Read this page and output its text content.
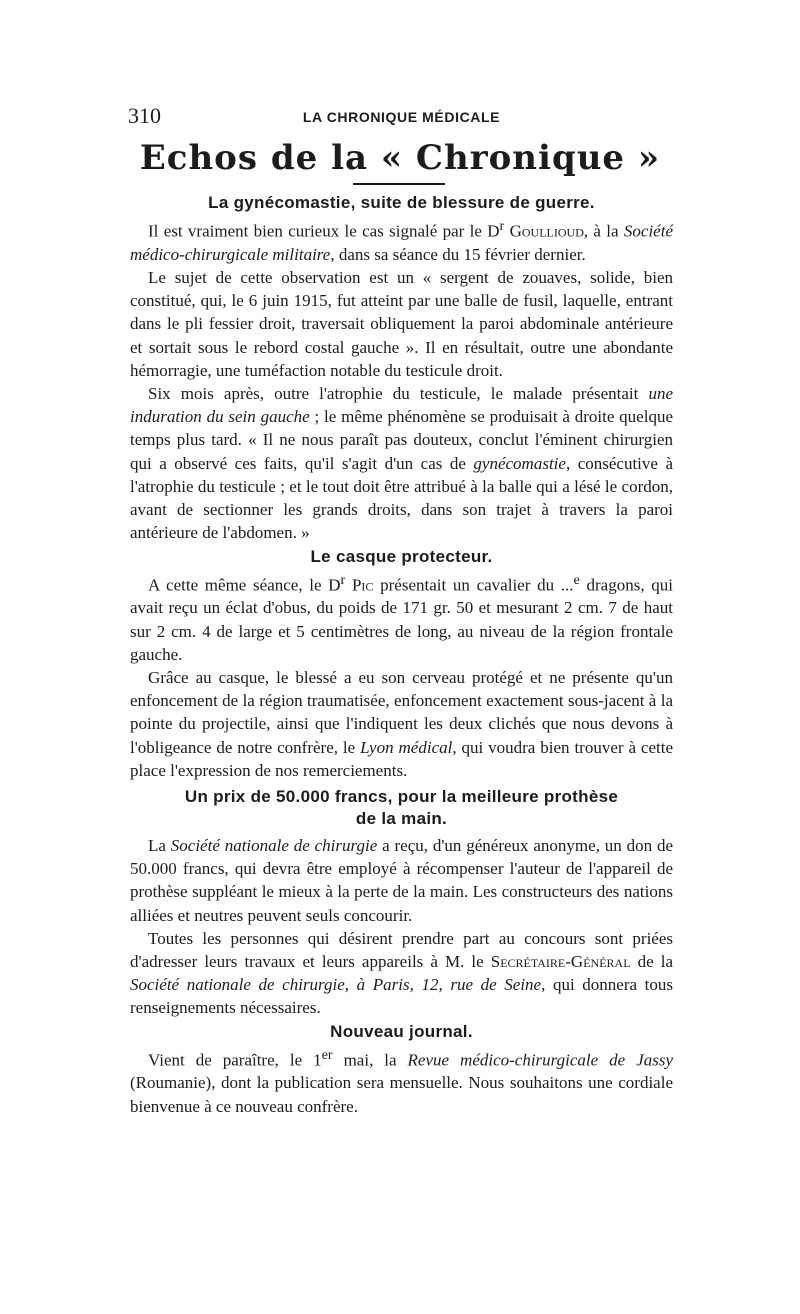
310	LA CHRONIQUE MÉDICALE
Echos de la « Chronique »
La gynécomastie, suite de blessure de guerre.

Il est vraiment bien curieux le cas signalé par le $D^r$ Goullioud, à la Société médico-chirurgicale militaire, dans sa séance du 15 février dernier.

Le sujet de cette observation est un « sergent de zouaves, solide, bien constitué, qui, le 6 juin 1915, fut atteint par une balle de fusil, laquelle, entrant dans le pli fessier droit, traversait obliquement la paroi abdominale antérieure et sortait sous le rebord costal gauche ». Il en résultait, outre une abondante hémorragie, une tuméfaction notable du testicule droit.

Six mois après, outre l'atrophie du testicule, le malade présentait une induration du sein gauche ; le même phénomène se produisait à droite quelque temps plus tard. « Il ne nous paraît pas douteux, conclut l'éminent chirurgien qui a observé ces faits, qu'il s'agit d'un cas de gynécomastie, consécutive à l'atrophie du testicule ; et le tout doit être attribué à la balle qui a lésé le cordon, avant de sectionner les grands droits, dans son trajet à travers la paroi antérieure de l'abdomen. »

Le casque protecteur.

A cette même séance, le $D^r$ Pic présentait un cavalier du ...$^e$ dragons, qui avait reçu un éclat d'obus, du poids de 171 gr. 50 et mesurant 2 cm. 7 de haut sur 2 cm. 4 de large et 5 centimètres de long, au niveau de la région frontale gauche.

Grâce au casque, le blessé a eu son cerveau protégé et ne présente qu'un enfoncement de la région traumatisée, enfoncement exactement sous-jacent à la pointe du projectile, ainsi que l'indiquent les deux clichés que nous devons à l'obligeance de notre confrère, le Lyon médical, qui voudra bien trouver à cette place l'expression de nos remerciements.

Un prix de 50.000 francs, pour la meilleure prothèse
de la main.

La Société nationale de chirurgie a reçu, d'un généreux anonyme, un don de 50.000 francs, qui devra être employé à récompenser l'auteur de l'appareil de prothèse suppléant le mieux à la perte de la main. Les constructeurs des nations alliées et neutres peuvent seuls concourir.

Toutes les personnes qui désirent prendre part au concours sont priées d'adresser leurs travaux et leurs appareils à M. le Secrétaire-Général de la Société nationale de chirurgie, à Paris, 12, rue de Seine, qui donnera tous renseignements nécessaires.

Nouveau journal.

Vient de paraître, le 1er mai, la Revue médico-chirurgicale de Jassy (Roumanie), dont la publication sera mensuelle. Nous souhaitons une cordiale bienvenue à ce nouveau confrère.
